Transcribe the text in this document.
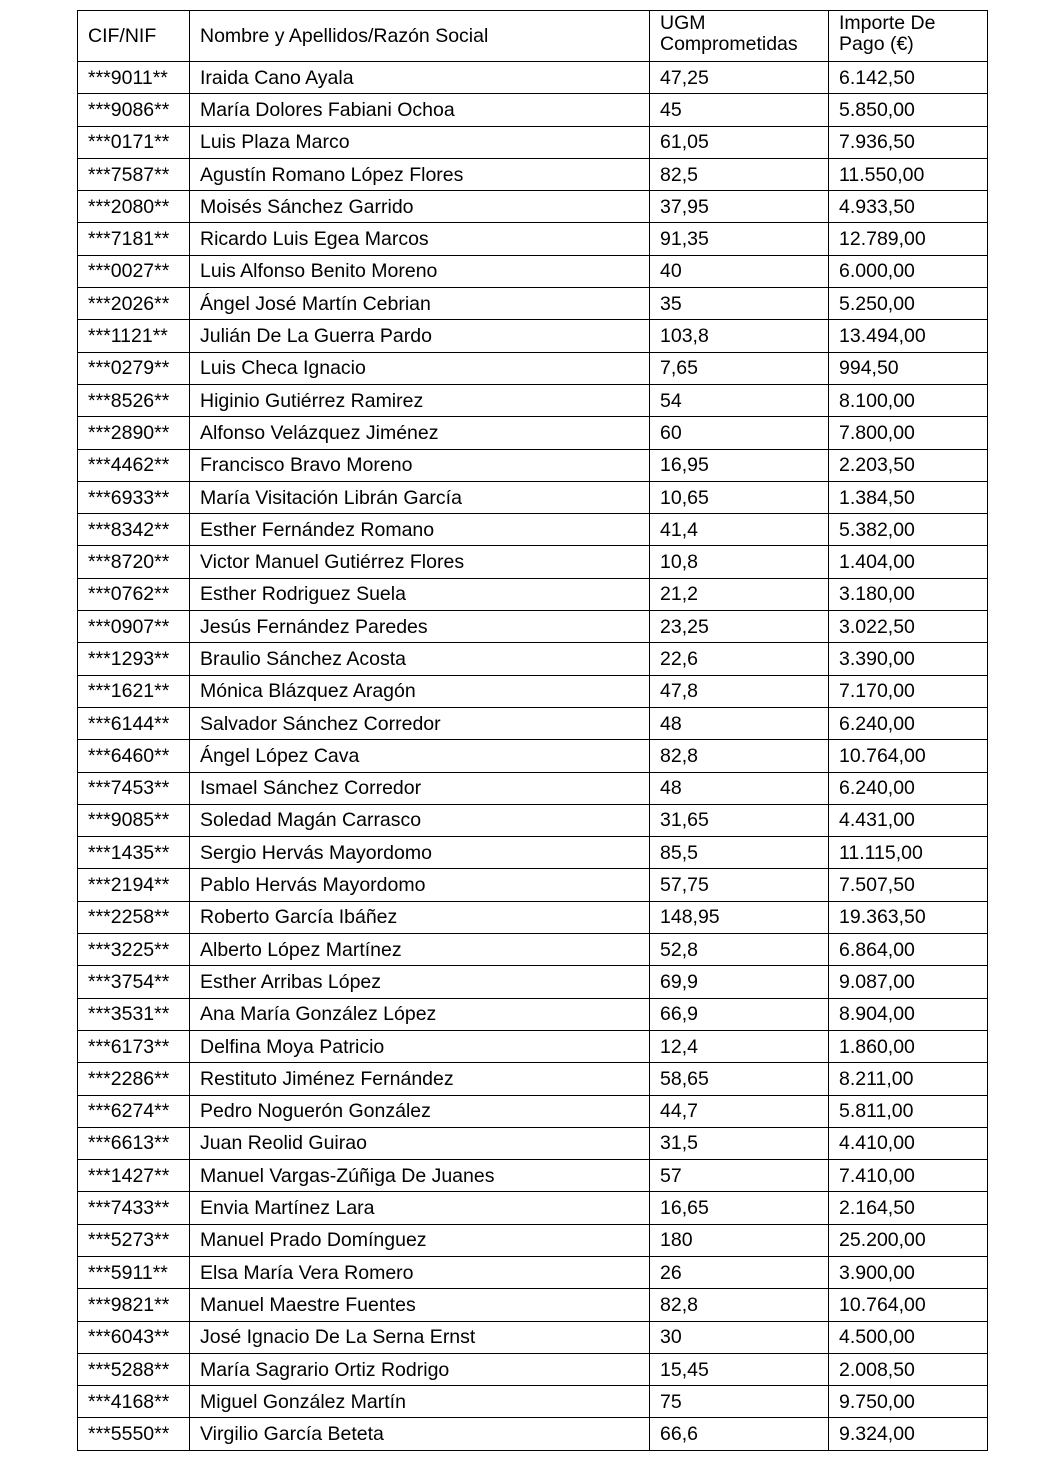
CIF/NIF	Nombre y Apellidos/Razón Social	UGM Comprometidas	Importe De Pago (€)
***9011**	Iraida Cano Ayala	47,25	6.142,50
***9086**	María Dolores Fabiani Ochoa	45	5.850,00
***0171**	Luis Plaza Marco	61,05	7.936,50
***7587**	Agustín Romano López Flores	82,5	11.550,00
***2080**	Moisés Sánchez Garrido	37,95	4.933,50
***7181**	Ricardo Luis Egea Marcos	91,35	12.789,00
***0027**	Luis Alfonso Benito Moreno	40	6.000,00
***2026**	Ángel José Martín Cebrian	35	5.250,00
***1121**	Julián De La Guerra Pardo	103,8	13.494,00
***0279**	Luis Checa Ignacio	7,65	994,50
***8526**	Higinio Gutiérrez Ramirez	54	8.100,00
***2890**	Alfonso Velázquez Jiménez	60	7.800,00
***4462**	Francisco Bravo Moreno	16,95	2.203,50
***6933**	María Visitación Librán García	10,65	1.384,50
***8342**	Esther Fernández Romano	41,4	5.382,00
***8720**	Victor Manuel Gutiérrez Flores	10,8	1.404,00
***0762**	Esther Rodriguez Suela	21,2	3.180,00
***0907**	Jesús Fernández Paredes	23,25	3.022,50
***1293**	Braulio Sánchez Acosta	22,6	3.390,00
***1621**	Mónica Blázquez Aragón	47,8	7.170,00
***6144**	Salvador Sánchez Corredor	48	6.240,00
***6460**	Ángel López Cava	82,8	10.764,00
***7453**	Ismael Sánchez Corredor	48	6.240,00
***9085**	Soledad Magán Carrasco	31,65	4.431,00
***1435**	Sergio Hervás Mayordomo	85,5	11.115,00
***2194**	Pablo Hervás Mayordomo	57,75	7.507,50
***2258**	Roberto García Ibáñez	148,95	19.363,50
***3225**	Alberto López Martínez	52,8	6.864,00
***3754**	Esther Arribas López	69,9	9.087,00
***3531**	Ana María González López	66,9	8.904,00
***6173**	Delfina Moya Patricio	12,4	1.860,00
***2286**	Restituto Jiménez Fernández	58,65	8.211,00
***6274**	Pedro Noguerón González	44,7	5.811,00
***6613**	Juan Reolid Guirao	31,5	4.410,00
***1427**	Manuel Vargas-Zúñiga De Juanes	57	7.410,00
***7433**	Envia Martínez Lara	16,65	2.164,50
***5273**	Manuel Prado Domínguez	180	25.200,00
***5911**	Elsa María Vera Romero	26	3.900,00
***9821**	Manuel Maestre Fuentes	82,8	10.764,00
***6043**	José Ignacio De La Serna Ernst	30	4.500,00
***5288**	María Sagrario Ortiz Rodrigo	15,45	2.008,50
***4168**	Miguel González Martín	75	9.750,00
***5550**	Virgilio García Beteta	66,6	9.324,00
